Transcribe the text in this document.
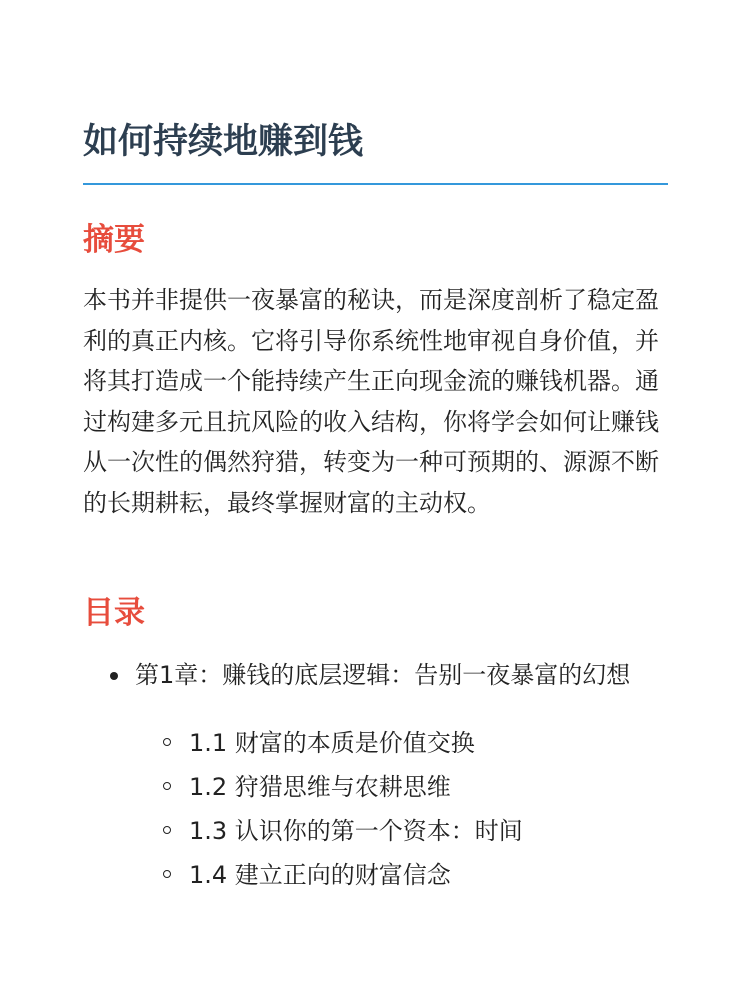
如何持续地赚到钱
摘要

本书并非提供一夜暴富的秘诀，而是深度剖析了稳定盈利的真正内核。它将引导你系统性地审视自身价值，并将其打造成一个能持续产生正向现金流的赚钱机器。通过构建多元且抗风险的收入结构，你将学会如何让赚钱从一次性的偶然狩猎，转变为一种可预期的、源源不断的长期耕耘，最终掌握财富的主动权。

目录
第1章：赚钱的底层逻辑：告别一夜暴富的幻想
1.1 财富的本质是价值交换
1.2 狩猎思维与农耕思维
1.3 认识你的第一个资本：时间
1.4 建立正向的财富信念
